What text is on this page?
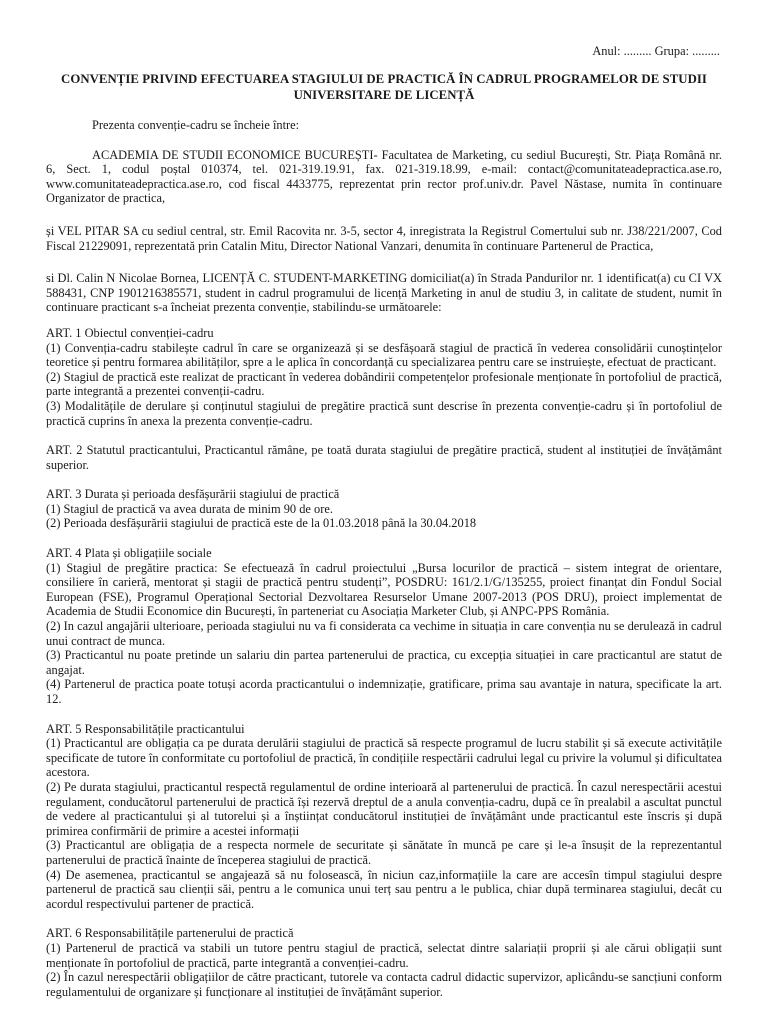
Anul: ......... Grupa: .........
CONVENȚIE PRIVIND EFECTUAREA STAGIULUI DE PRACTICĂ ÎN CADRUL PROGRAMELOR DE STUDII UNIVERSITARE DE LICENȚĂ

Prezenta convenție-cadru se încheie între:

ACADEMIA DE STUDII ECONOMICE BUCUREȘTI- Facultatea de Marketing, cu sediul București, Str. Piața Română nr. 6, Sect. 1, codul poștal 010374, tel. 021-319.19.91, fax. 021-319.18.99, e-mail: contact@comunitateadepractica.ase.ro, www.comunitateadepractica.ase.ro, cod fiscal 4433775, reprezentat prin rector prof.univ.dr. Pavel Năstase, numita în continuare Organizator de practica,

și VEL PITAR SA cu sediul central, str. Emil Racovita nr. 3-5, sector 4, inregistrata la Registrul Comertului sub nr. J38/221/2007, Cod Fiscal 21229091, reprezentată prin Catalin Mitu, Director National Vanzari, denumita în continuare Partenerul de Practica,

si Dl. Calin N Nicolae Bornea, LICENȚĂ C. STUDENT-MARKETING domiciliat(a) în Strada Pandurilor nr. 1 identificat(a) cu CI VX 588431, CNP 1901216385571, student in cadrul programului de licență Marketing in anul de studiu 3, in calitate de student, numit în continuare practicant s-a încheiat prezenta convenție, stabilindu-se următoarele:

ART. 1 Obiectul convenției-cadru

(1) Convenția-cadru stabilește cadrul în care se organizează și se desfășoară stagiul de practică în vederea consolidării cunoștințelor teoretice și pentru formarea abilităților, spre a le aplica în concordanță cu specializarea pentru care se instruiește, efectuat de practicant.

(2) Stagiul de practică este realizat de practicant în vederea dobândirii competențelor profesionale menționate în portofoliul de practică, parte integrantă a prezentei convenții-cadru.

(3) Modalitățile de derulare și conținutul stagiului de pregătire practică sunt descrise în prezenta convenție-cadru și în portofoliul de practică cuprins în anexa la prezenta convenție-cadru.

ART. 2 Statutul practicantului, Practicantul rămâne, pe toată durata stagiului de pregătire practică, student al instituției de învățământ superior.

ART. 3 Durata și perioada desfășurării stagiului de practică

(1) Stagiul de practică va avea durata de minim 90 de ore.

(2) Perioada desfășurării stagiului de practică este de la 01.03.2018 până la 30.04.2018

ART. 4 Plata și obligațiile sociale

(1) Stagiul de pregătire practica: Se efectuează în cadrul proiectului „Bursa locurilor de practică – sistem integrat de orientare, consiliere în carieră, mentorat și stagii de practică pentru studenți”, POSDRU: 161/2.1/G/135255, proiect finanțat din Fondul Social European (FSE), Programul Operațional Sectorial Dezvoltarea Resurselor Umane 2007-2013 (POS DRU), proiect implementat de Academia de Studii Economice din București, în parteneriat cu Asociația Marketer Club, și ANPC-PPS România.

(2) In cazul angajării ulterioare, perioada stagiului nu va fi considerata ca vechime in situația in care convenția nu se derulează in cadrul unui contract de munca.

(3) Practicantul nu poate pretinde un salariu din partea partenerului de practica, cu excepția situației in care practicantul are statut de angajat.

(4) Partenerul de practica poate totuși acorda practicantului o indemnizație, gratificare, prima sau avantaje in natura, specificate la art. 12.

ART. 5 Responsabilitățile practicantului

(1) Practicantul are obligația ca pe durata derulării stagiului de practică să respecte programul de lucru stabilit și să execute activitățile specificate de tutore în conformitate cu portofoliul de practică, în condițiile respectării cadrului legal cu privire la volumul și dificultatea acestora.

(2) Pe durata stagiului, practicantul respectă regulamentul de ordine interioară al partenerului de practică. În cazul nerespectării acestui regulament, conducătorul partenerului de practică își rezervă dreptul de a anula convenția-cadru, după ce în prealabil a ascultat punctul de vedere al practicantului și al tutorelui și a înștiințat conducătorul instituției de învățământ unde practicantul este înscris și după primirea confirmării de primire a acestei informații

(3) Practicantul are obligația de a respecta normele de securitate și sănătate în muncă pe care și le-a însușit de la reprezentantul partenerului de practică înainte de începerea stagiului de practică.

(4) De asemenea, practicantul se angajează să nu folosească, în niciun caz,informațiile la care are accesîn timpul stagiului despre partenerul de practică sau clienții săi, pentru a le comunica unui terț sau pentru a le publica, chiar după terminarea stagiului, decât cu acordul respectivului partener de practică.

ART. 6 Responsabilitățile partenerului de practică

(1) Partenerul de practică va stabili un tutore pentru stagiul de practică, selectat dintre salariații proprii și ale cărui obligații sunt menționate în portofoliul de practică, parte integrantă a convenției-cadru.

(2) În cazul nerespectării obligațiilor de către practicant, tutorele va contacta cadrul didactic supervizor, aplicându-se sancțiuni conform regulamentului de organizare și funcționare al instituției de învățământ superior.
